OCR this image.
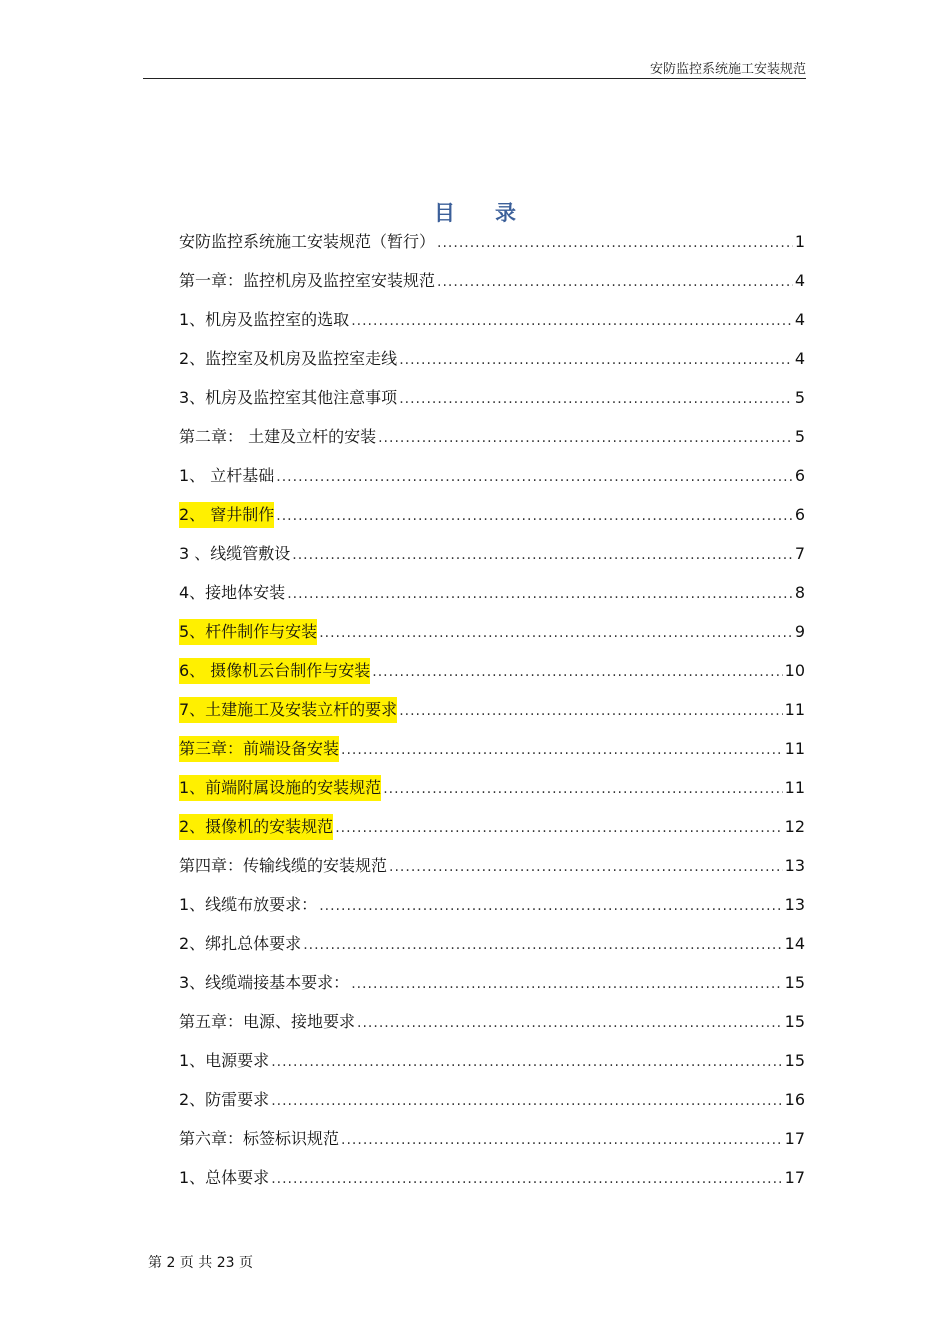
安防监控系统施工安装规范
目录
安防监控系统施工安装规范（暂行） .....	1
第一章：监控机房及监控室安装规范 .....	4
1、机房及监控室的选取 .....	4
2、监控室及机房及监控室走线 .....	4
3、机房及监控室其他注意事项 .....	5
第二章： 土建及立杆的安装 .....	5
1、 立杆基础 .....	6
2、 窨井制作 .....	6
3 、线缆管敷设 .....	7
4、接地体安装 .....	8
5、杆件制作与安装 .....	9
6、 摄像机云台制作与安装 .....	10
7、土建施工及安装立杆的要求 .....	11
第三章：前端设备安装 .....	11
1、前端附属设施的安装规范 .....	11
2、摄像机的安装规范 .....	12
第四章：传输线缆的安装规范 .....	13
1、线缆布放要求： .....	13
2、绑扎总体要求 .....	14
3、线缆端接基本要求： .....	15
第五章：电源、接地要求 .....	15
1、电源要求 .....	15
2、防雷要求 .....	16
第六章：标签标识规范 .....	17
1、总体要求 .....	17
第 2 页 共 23 页
